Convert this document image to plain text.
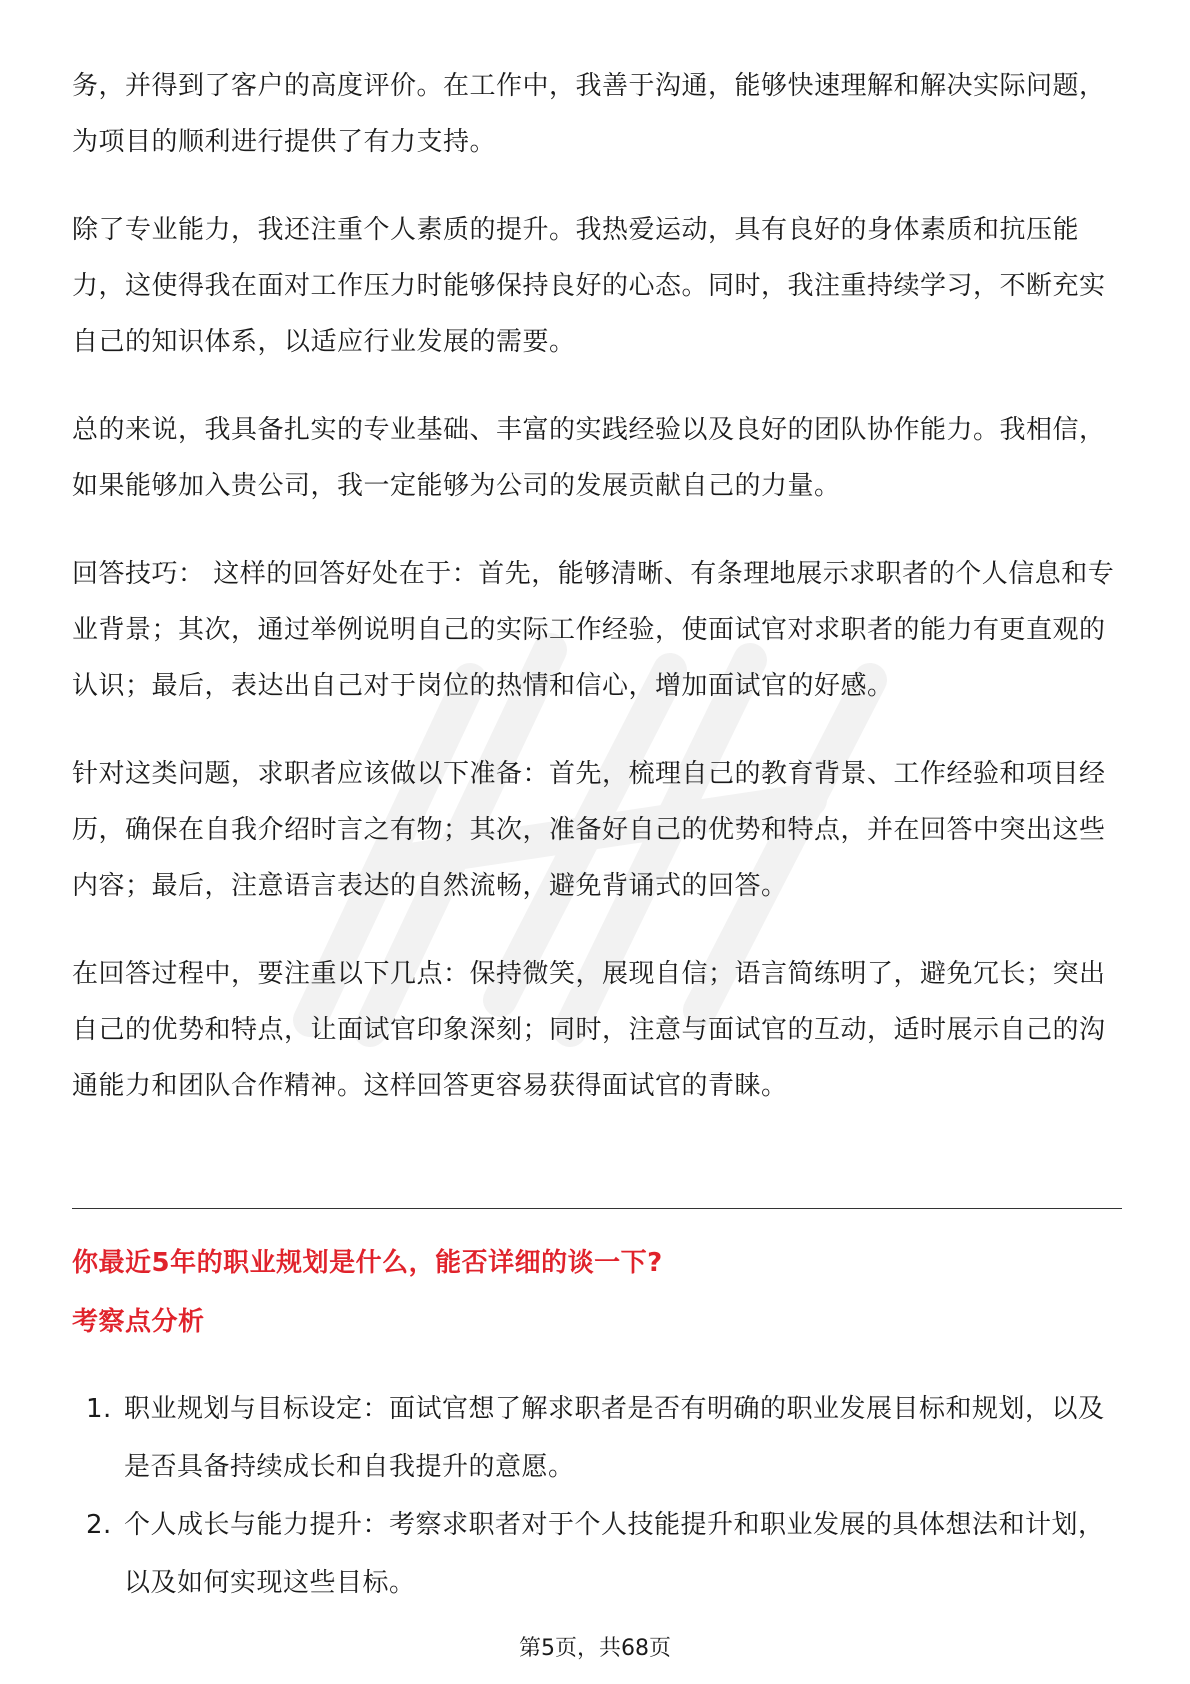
务，并得到了客户的高度评价。在工作中，我善于沟通，能够快速理解和解决实际问题，为项目的顺利进行提供了有力支持。

除了专业能力，我还注重个人素质的提升。我热爱运动，具有良好的身体素质和抗压能力，这使得我在面对工作压力时能够保持良好的心态。同时，我注重持续学习，不断充实自己的知识体系，以适应行业发展的需要。

总的来说，我具备扎实的专业基础、丰富的实践经验以及良好的团队协作能力。我相信，如果能够加入贵公司，我一定能够为公司的发展贡献自己的力量。

回答技巧： 这样的回答好处在于：首先，能够清晰、有条理地展示求职者的个人信息和专业背景；其次，通过举例说明自己的实际工作经验，使面试官对求职者的能力有更直观的认识；最后，表达出自己对于岗位的热情和信心，增加面试官的好感。

针对这类问题，求职者应该做以下准备：首先，梳理自己的教育背景、工作经验和项目经历，确保在自我介绍时言之有物；其次，准备好自己的优势和特点，并在回答中突出这些内容；最后，注意语言表达的自然流畅，避免背诵式的回答。

在回答过程中，要注重以下几点：保持微笑，展现自信；语言简练明了，避免冗长；突出自己的优势和特点，让面试官印象深刻；同时，注意与面试官的互动，适时展示自己的沟通能力和团队合作精神。这样回答更容易获得面试官的青睐。

你最近5年的职业规划是什么，能否详细的谈一下?
考察点分析
1. 职业规划与目标设定：面试官想了解求职者是否有明确的职业发展目标和规划，以及是否具备持续成长和自我提升的意愿。
2. 个人成长与能力提升：考察求职者对于个人技能提升和职业发展的具体想法和计划，以及如何实现这些目标。
第5页，共68页
